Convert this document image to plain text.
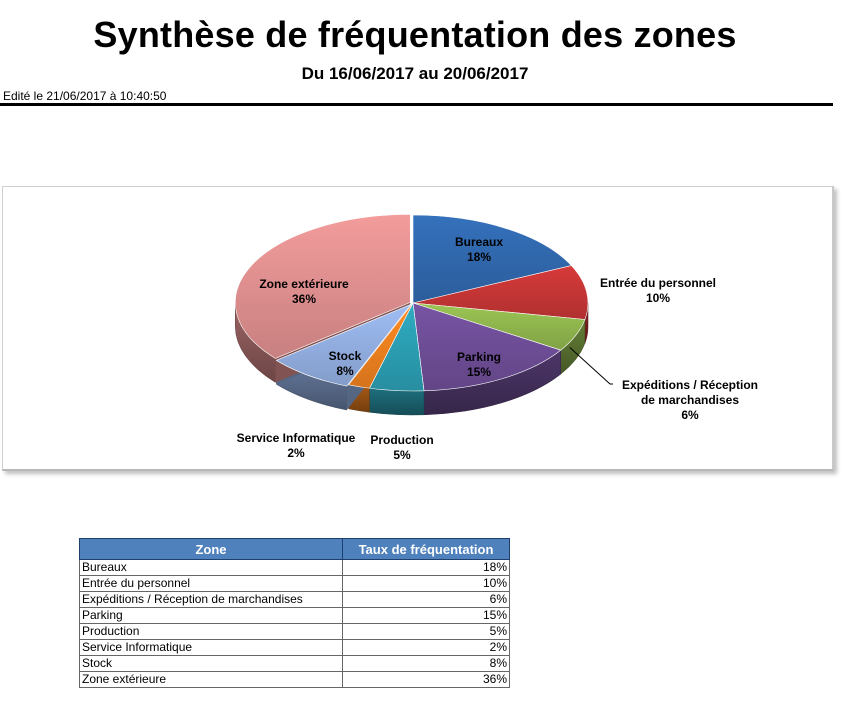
Synthèse de fréquentation des zones
Du 16/06/2017 au 20/06/2017
Edité le 21/06/2017 à 10:40:50
Bureaux 18%
Entrée du personnel 10%
Expéditions / Réception de marchandises 6%
Parking 15%
Production 5%
Service Informatique 2%
Stock 8%
Zone extérieure 36%
Zone	Taux de fréquentation
Bureaux	18%
Entrée du personnel	10%
Expéditions / Réception de marchandises	6%
Parking	15%
Production	5%
Service Informatique	2%
Stock	8%
Zone extérieure	36%
